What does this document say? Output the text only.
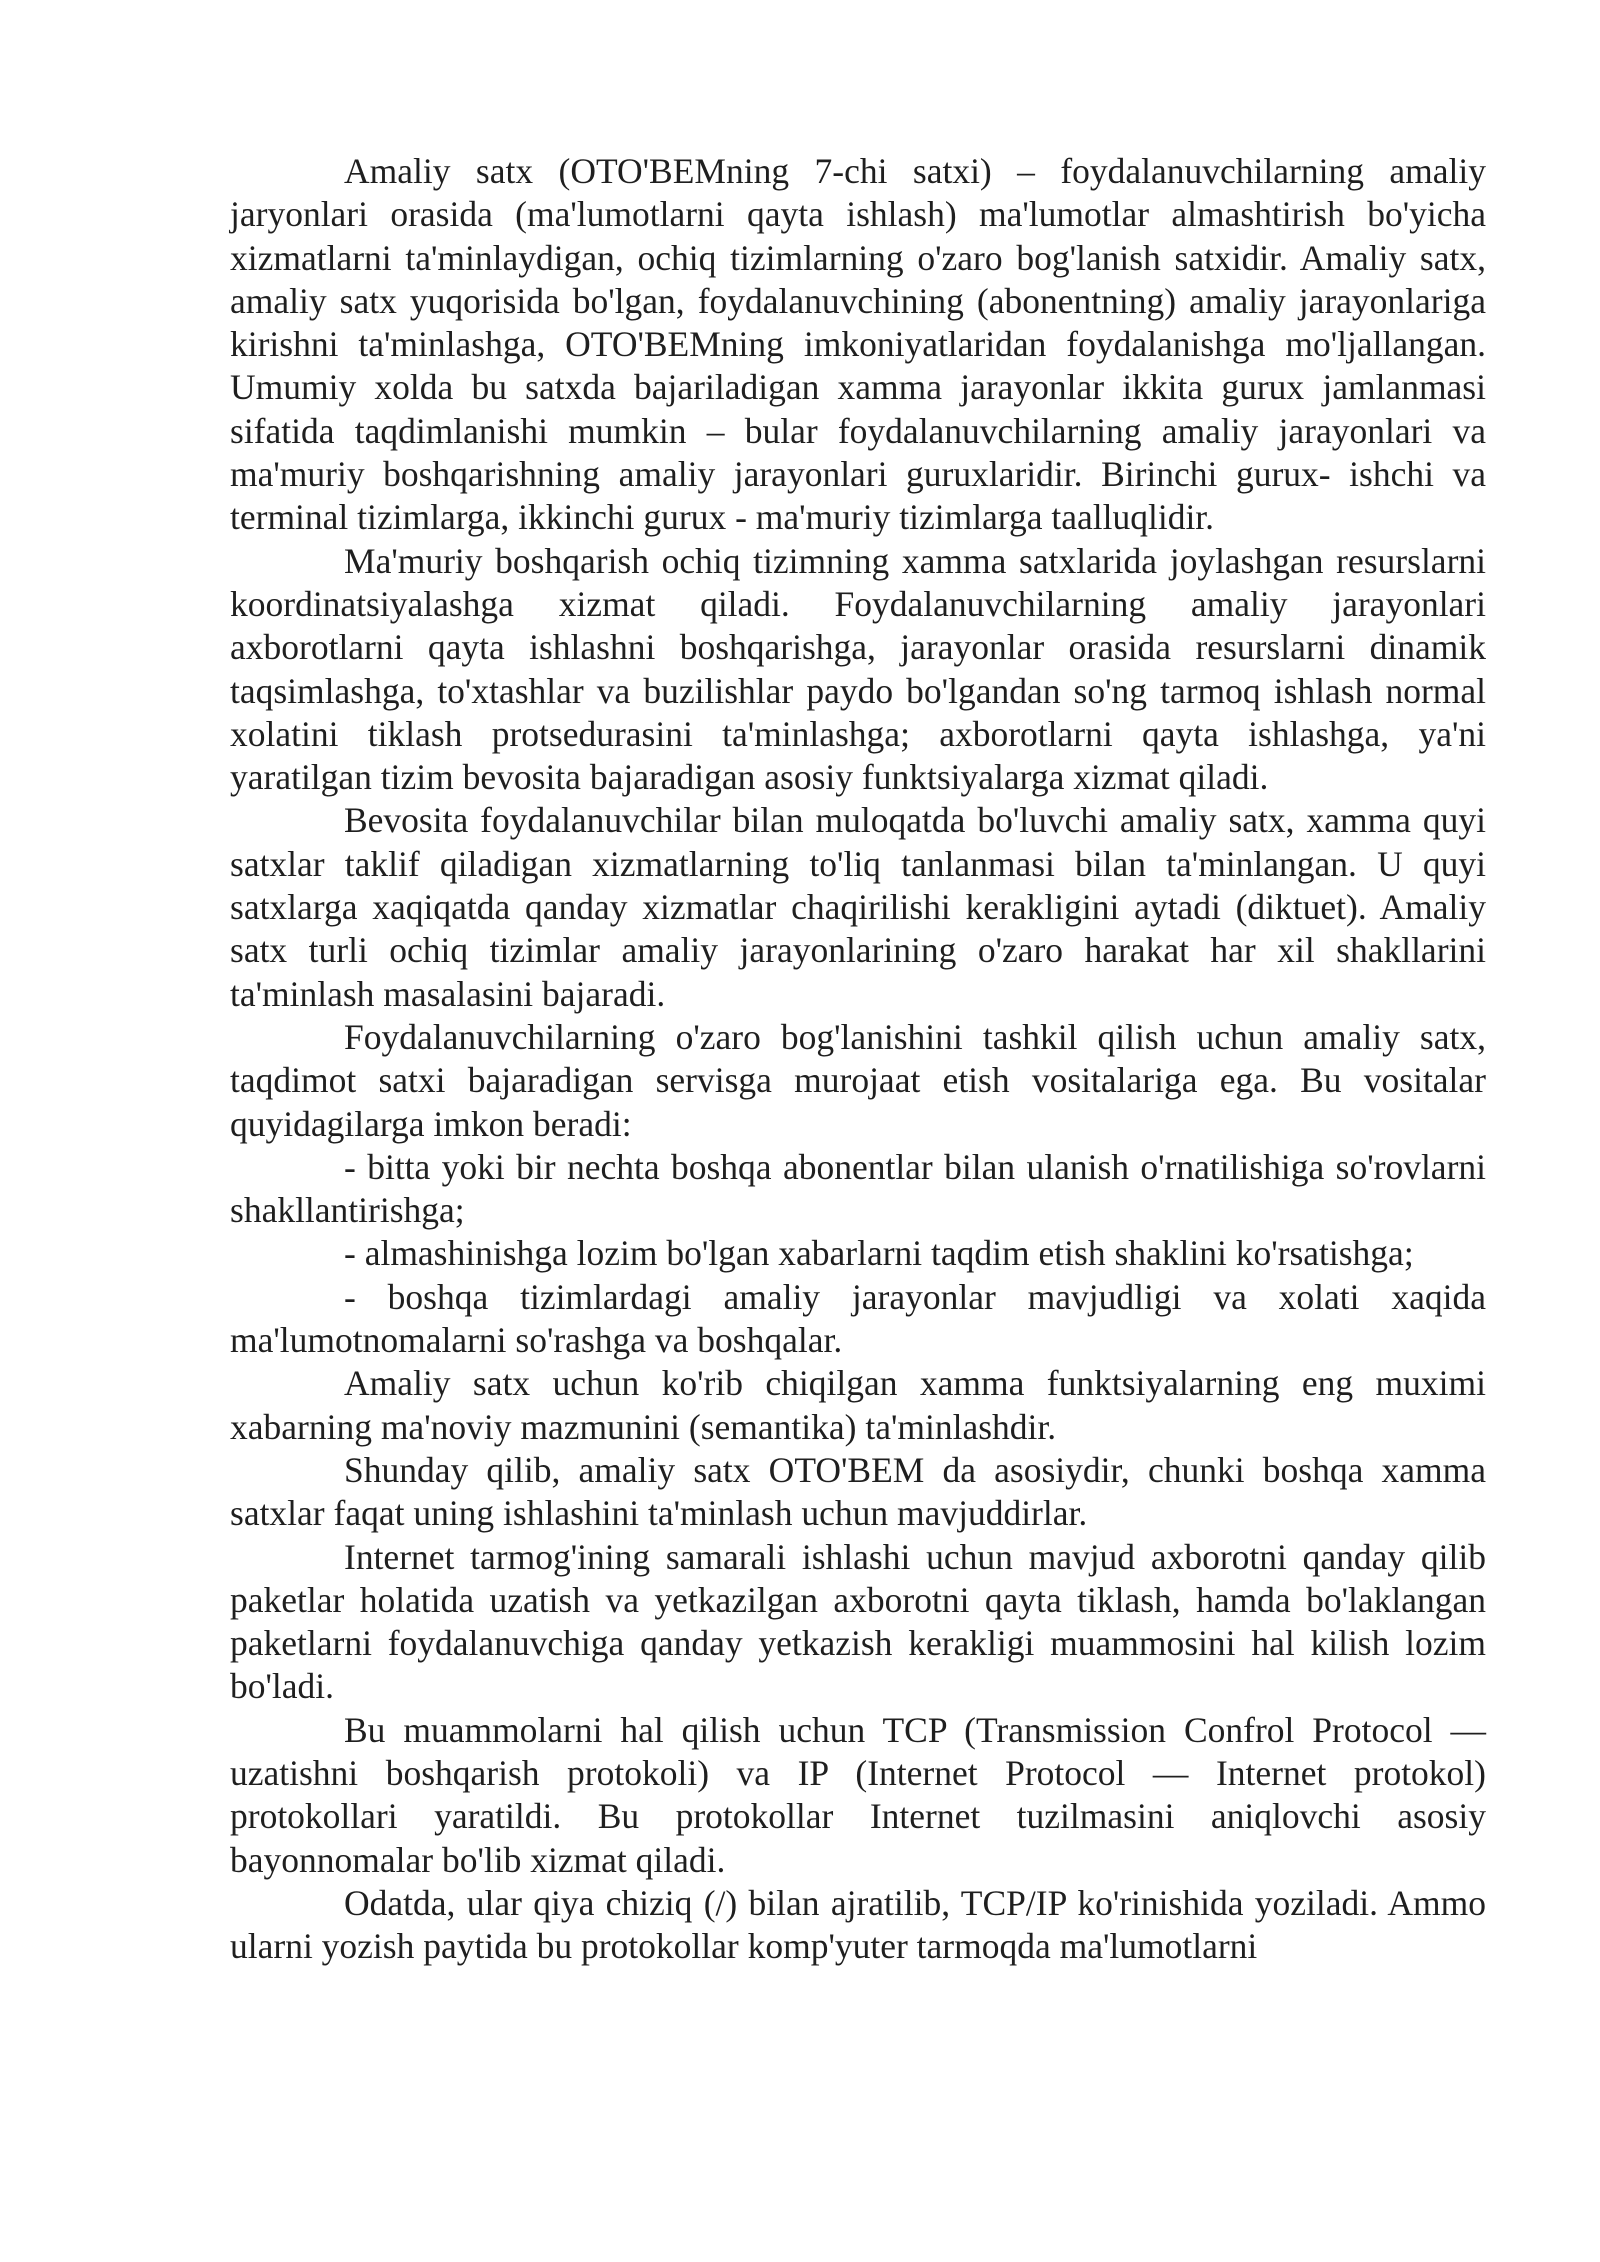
Amaliy satx (OTO'BEMning 7-chi satxi) – foydalanuvchilarning amaliy jaryonlari orasida (ma'lumotlarni qayta ishlash) ma'lumotlar almashtirish bo'yicha xizmatlarni ta'minlaydigan, ochiq tizimlarning o'zaro bog'lanish satxidir. Amaliy satx, amaliy satx yuqorisida bo'lgan, foydalanuvchining (abonentning) amaliy jarayonlariga kirishni ta'minlashga, OTO'BEMning imkoniyatlaridan foydalanishga mo'ljallangan. Umumiy xolda bu satxda bajariladigan xamma jarayonlar ikkita gurux jamlanmasi sifatida taqdimlanishi mumkin – bular foydalanuvchilarning amaliy jarayonlari va ma'muriy boshqarishning amaliy jarayonlari guruxlaridir. Birinchi gurux- ishchi va terminal tizimlarga, ikkinchi gurux - ma'muriy tizimlarga taalluqlidir.

Ma'muriy boshqarish ochiq tizimning xamma satxlarida joylashgan resurslarni koordinatsiyalashga xizmat qiladi. Foydalanuvchilarning amaliy jarayonlari axborotlarni qayta ishlashni boshqarishga, jarayonlar orasida resurslarni dinamik taqsimlashga, to'xtashlar va buzilishlar paydo bo'lgandan so'ng tarmoq ishlash normal xolatini tiklash protsedurasini ta'minlashga; axborotlarni qayta ishlashga, ya'ni yaratilgan tizim bevosita bajaradigan asosiy funktsiyalarga xizmat qiladi.

Bevosita foydalanuvchilar bilan muloqatda bo'luvchi amaliy satx, xamma quyi satxlar taklif qiladigan xizmatlarning to'liq tanlanmasi bilan ta'minlangan. U quyi satxlarga xaqiqatda qanday xizmatlar chaqirilishi kerakligini aytadi (diktuet). Amaliy satx turli ochiq tizimlar amaliy jarayonlarining o'zaro harakat har xil shakllarini ta'minlash masalasini bajaradi.

Foydalanuvchilarning o'zaro bog'lanishini tashkil qilish uchun amaliy satx, taqdimot satxi bajaradigan servisga murojaat etish vositalariga ega. Bu vositalar quyidagilarga imkon beradi:

- bitta yoki bir nechta boshqa abonentlar bilan ulanish o'rnatilishiga so'rovlarni shakllantirishga;

- almashinishga lozim bo'lgan xabarlarni taqdim etish shaklini ko'rsatishga;

- boshqa tizimlardagi amaliy jarayonlar mavjudligi va xolati xaqida ma'lumotnomalarni so'rashga va boshqalar.

Amaliy satx uchun ko'rib chiqilgan xamma funktsiyalarning eng muximi xabarning ma'noviy mazmunini (semantika) ta'minlashdir.

Shunday qilib, amaliy satx OTO'BEM da asosiydir, chunki boshqa xamma satxlar faqat uning ishlashini ta'minlash uchun mavjuddirlar.

Internet tarmog'ining samarali ishlashi uchun mavjud axborotni qanday qilib paketlar holatida uzatish va yetkazilgan axborotni qayta tiklash, hamda bo'laklangan paketlarni foydalanuvchiga qanday yetkazish kerakligi muammosini hal kilish lozim bo'ladi.

Bu muammolarni hal qilish uchun TCP (Transmission Confrol Protocol — uzatishni boshqarish protokoli) va IP (Internet Protocol — Internet protokol) protokollari yaratildi. Bu protokollar Internet tuzilmasini aniqlovchi asosiy bayonnomalar bo'lib xizmat qiladi.

Odatda, ular qiya chiziq (/) bilan ajratilib, TCP/IP ko'rinishida yoziladi. Ammo ularni yozish paytida bu protokollar komp'yuter tarmoqda ma'lumotlarni
